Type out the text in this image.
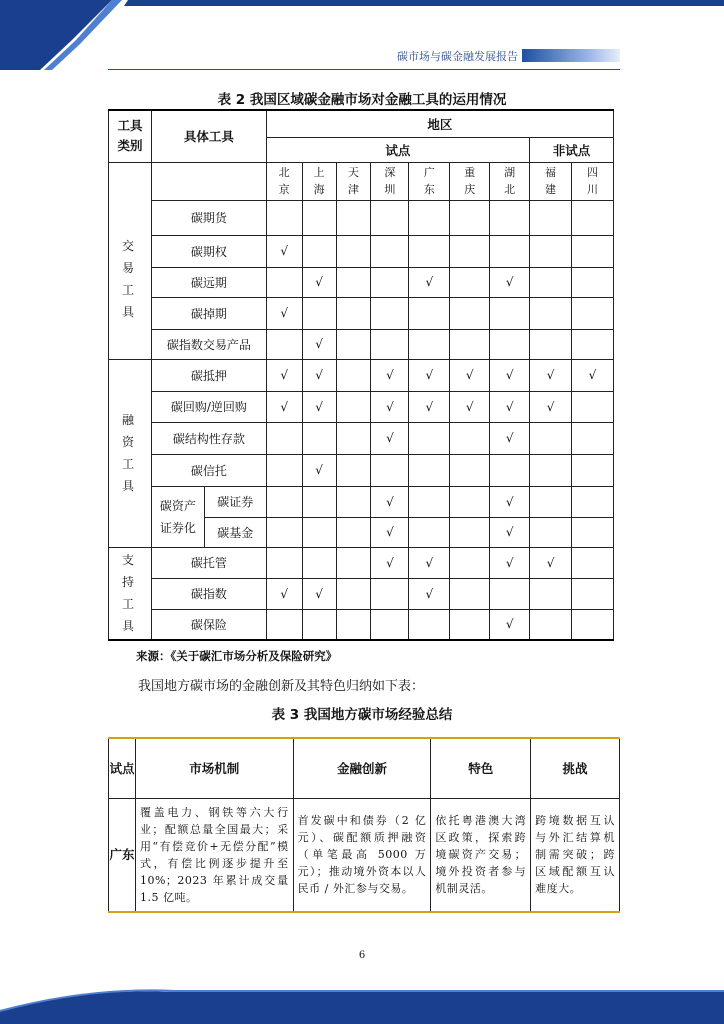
碳市场与碳金融发展报告
表 2 我国区域碳金融市场对金融工具的运用情况
工具类别	具体工具		地区								
			试点							非试点	
			北京	上海	天津	深圳	广东	重庆	湖北	福建	四川
交易工具	碳期货										
	碳期权		√								
	碳远期			√			√		√		
	碳掉期		√								
	碳指数交易产品			√							
融资工具	碳抵押		√	√		√	√	√	√	√	√
	碳回购/逆回购		√	√		√	√	√	√	√	
	碳结构性存款					√			√		
	碳信托			√							
	碳资产证券化	碳证券				√			√		
		碳基金				√			√		
支持工具	碳托管					√	√		√	√	
	碳指数		√	√			√				
	碳保险								√		
来源：《关于碳汇市场分析及保险研究》
我国地方碳市场的金融创新及其特色归纳如下表：
表 3 我国地方碳市场经验总结
试点	市场机制	金融创新	特色	挑战
广东	覆盖电力、钢铁等六大行业；配额总量全国最大；采用“有偿竞价+无偿分配”模式，有偿比例逐步提升至 10%；2023 年累计成交量 1.5 亿吨。	首发碳中和债券（2 亿元）、碳配额质押融资（单笔最高 5000 万元）；推动境外资本以人民币 / 外汇参与交易。	依托粤港澳大湾区政策，探索跨境碳资产交易；境外投资者参与机制灵活。	跨境数据互认与外汇结算机制需突破；跨区域配额互认难度大。
6
